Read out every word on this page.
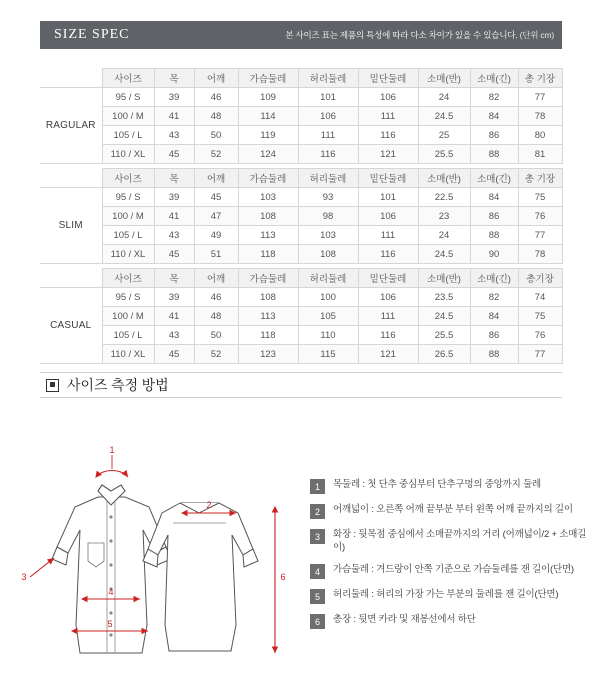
SIZE SPEC	본 사이즈 표는 제품의 특성에 따라 다소 차이가 있을 수 있습니다. (단위 cm)
	사이즈	목	어깨	가슴둘레	허리둘레	밑단둘레	소매(반)	소매(긴)	총 기장
RAGULAR	95 / S	39	46	109	101	106	24	82	77
	100 / M	41	48	114	106	111	24.5	84	78
	105 / L	43	50	119	111	116	25	86	80
	110 / XL	45	52	124	116	121	25.5	88	81
	사이즈	목	어깨	가슴둘레	허리둘레	밑단둘레	소매(반)	소매(긴)	총 기장
SLIM	95 / S	39	45	103	93	101	22.5	84	75
	100 / M	41	47	108	98	106	23	86	76
	105 / L	43	49	113	103	111	24	88	77
	110 / XL	45	51	118	108	116	24.5	90	78
	사이즈	목	어깨	가슴둘레	허리둘레	밑단둘레	소매(반)	소매(긴)	총기장
CASUAL	95 / S	39	46	108	100	106	23.5	82	74
	100 / M	41	48	113	105	111	24.5	84	75
	105 / L	43	50	118	110	116	25.5	86	76
	110 / XL	45	52	123	115	121	26.5	88	77
사이즈 측정 방법
1
2
3
4
5
6
1	목둘레 : 첫 단추 중심부터 단추구멍의 중앙까지 둘레
2	어깨넓이 : 오른쪽 어깨 끝부분 부터 왼쪽 어깨 끝까지의 길이
3	화장 : 뒷목점 중심에서 소매끝까지의 거리 (어깨넓이/2 + 소매길이)
4	가슴둘레 : 겨드랑이 안쪽 기준으로 가슴둘레를 잰 길이(단면)
5	허리둘레 : 허리의 가장 가는 부분의 둘레를 잰 길이(단면)
6	총장 : 뒷면 카라 및 재봉선에서 하단
